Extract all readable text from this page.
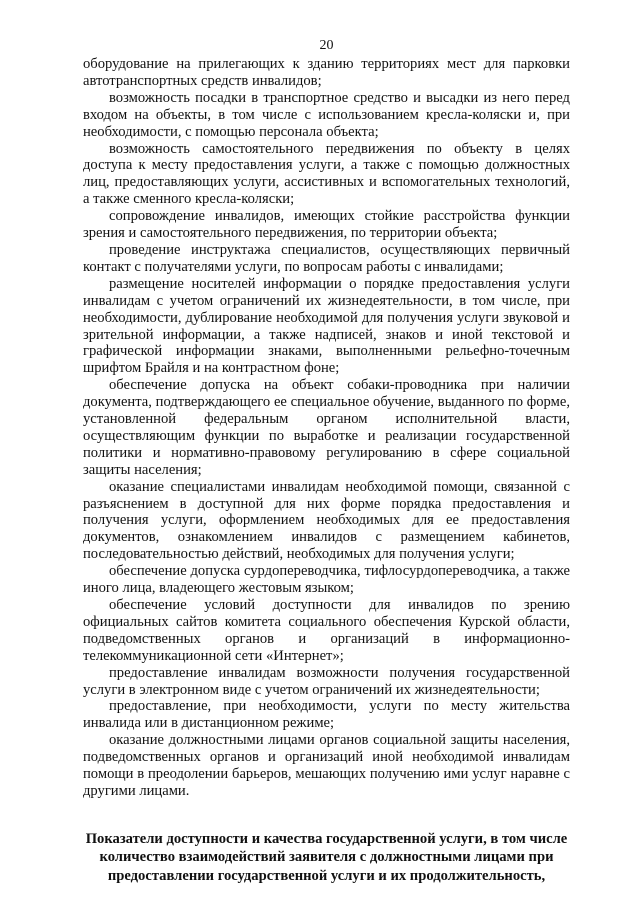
20

оборудование на прилегающих к зданию территориях мест для парковки автотранспортных средств инвалидов;

возможность посадки в транспортное средство и высадки из него перед входом на объекты, в том числе с использованием кресла-коляски и, при необходимости, с помощью персонала объекта;

возможность самостоятельного передвижения по объекту в целях доступа к месту предоставления услуги, а также с помощью должностных лиц, предоставляющих услуги, ассистивных и вспомогательных технологий, а также сменного кресла-коляски;

сопровождение инвалидов, имеющих стойкие расстройства функции зрения и самостоятельного передвижения, по территории объекта;

проведение инструктажа специалистов, осуществляющих первичный контакт с получателями услуги, по вопросам работы с инвалидами;

размещение носителей информации о порядке предоставления услуги инвалидам с учетом ограничений их жизнедеятельности, в том числе, при необходимости, дублирование необходимой для получения услуги звуковой и зрительной информации, а также надписей, знаков и иной текстовой и графической информации знаками, выполненными рельефно-точечным шрифтом Брайля и на контрастном фоне;

обеспечение допуска на объект собаки-проводника при наличии документа, подтверждающего ее специальное обучение, выданного по форме, установленной федеральным органом исполнительной власти, осуществляющим функции по выработке и реализации государственной политики и нормативно-правовому регулированию в сфере социальной защиты населения;

оказание специалистами инвалидам необходимой помощи, связанной с разъяснением в доступной для них форме порядка предоставления и получения услуги, оформлением необходимых для ее предоставления документов, ознакомлением инвалидов с размещением кабинетов, последовательностью действий, необходимых для получения услуги;

обеспечение допуска сурдопереводчика, тифлосурдопереводчика, а также иного лица, владеющего жестовым языком;

обеспечение условий доступности для инвалидов по зрению официальных сайтов комитета социального обеспечения Курской области, подведомственных органов и организаций в информационно-телекоммуникационной сети «Интернет»;

предоставление инвалидам возможности получения государственной услуги в электронном виде с учетом ограничений их жизнедеятельности;

предоставление, при необходимости, услуги по месту жительства инвалида или в дистанционном режиме;

оказание должностными лицами органов социальной защиты населения, подведомственных органов и организаций иной необходимой инвалидам помощи в преодолении барьеров, мешающих получению ими услуг наравне с другими лицами.

Показатели доступности и качества государственной услуги, в том числе количество взаимодействий заявителя с должностными лицами при предоставлении государственной услуги и их продолжительность,
